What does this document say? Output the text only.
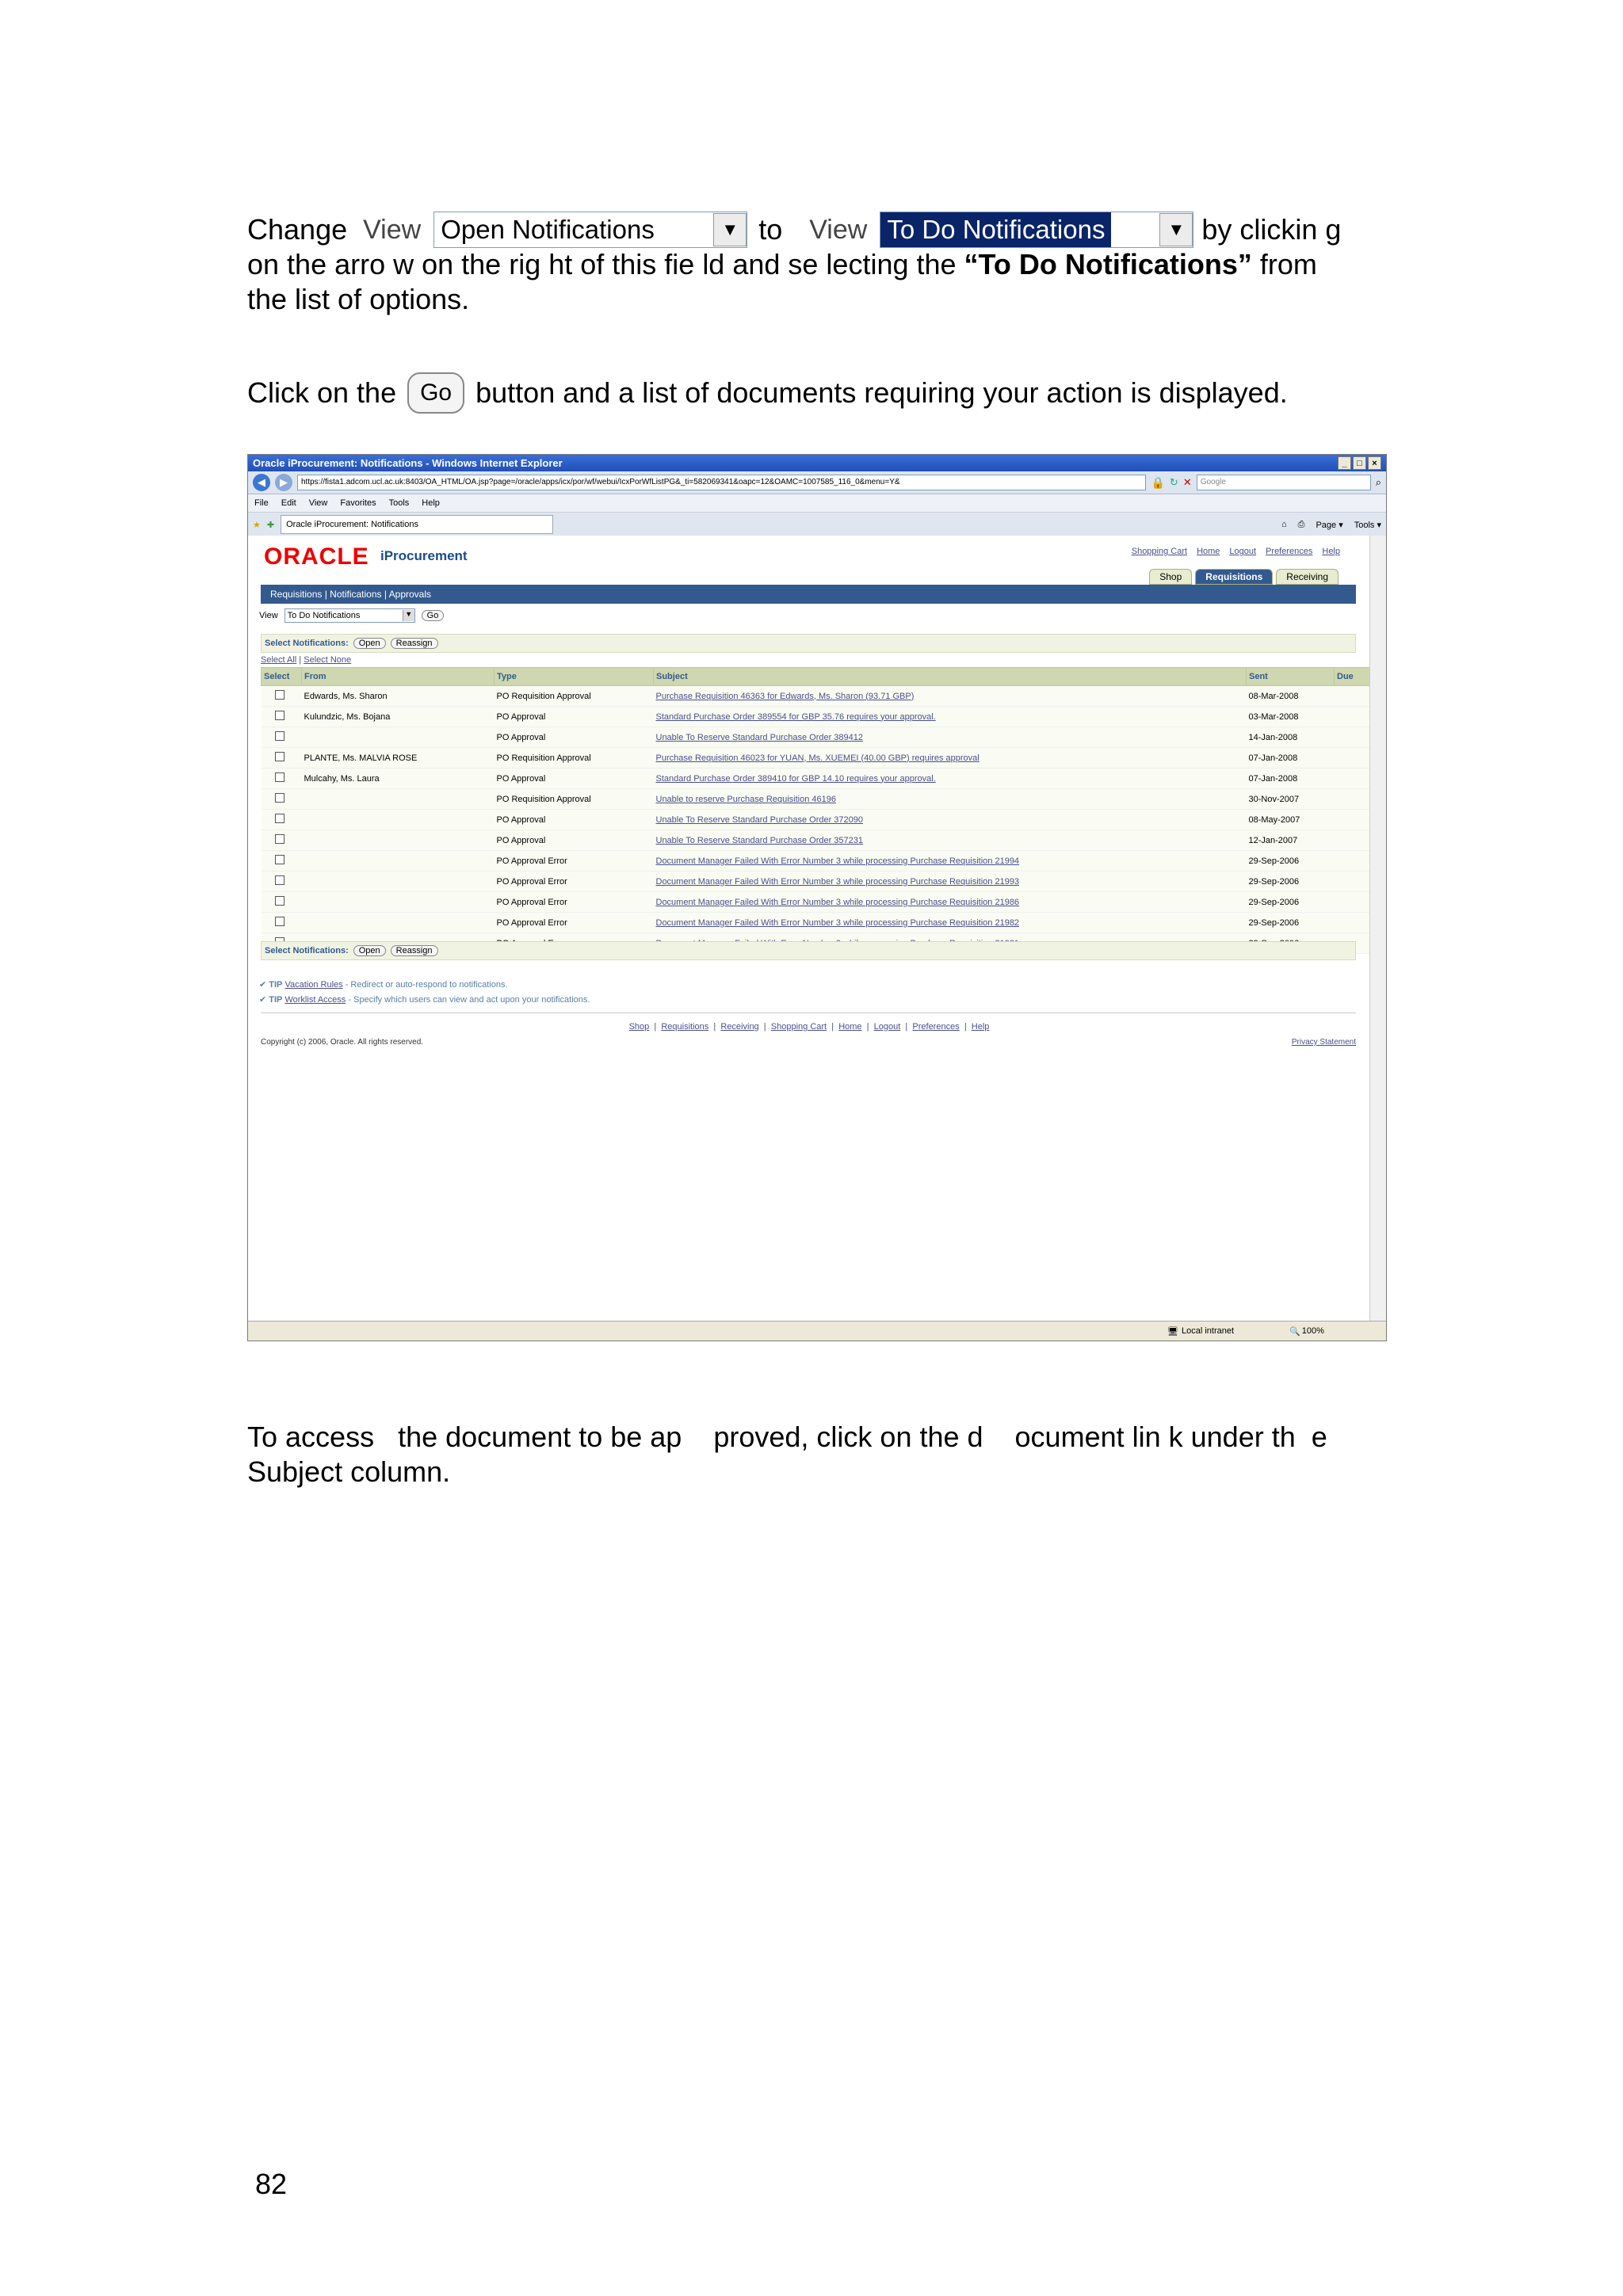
Change View Open Notifications	▼ to View To Do Notifications	▼ by clickin g
on the arro w on the rig ht of this fie ld and se lecting the “To Do Notifications” from
the list of options.
Click on the	Go button and a list of documents requiring your action is displayed.
Oracle iProcurement: Notifications - Windows Internet Explorer	_	□	×
◀	▶	https://fista1.adcom.ucl.ac.uk:8403/OA_HTML/OA.jsp?page=/oracle/apps/icx/por/wf/webui/IcxPorWfListPG&_ti=582069341&oapc=12&OAMC=1007585_116_0&menu=Y&	🔒 ↻ ✕	Google	⌕
File Edit View Favorites Tools Help
★ ✚ Oracle iProcurement: Notifications	⌂ ⎙ Page ▾ Tools ▾
ORACLE iProcurement	Shopping Cart Home Logout Preferences Help
Shop	Requisitions	Receiving
Requisitions | Notifications | Approvals
View To Do Notifications	▼	Go
Select Notifications:	Open	Reassign
Select All | Select None
Select	From	Type	Subject	Sent	Due
	Edwards, Ms. Sharon	PO Requisition Approval	Purchase Requisition 46363 for Edwards, Ms. Sharon (93.71 GBP)	08-Mar-2008	
	Kulundzic, Ms. Bojana	PO Approval	Standard Purchase Order 389554 for GBP 35.76 requires your approval.	03-Mar-2008	
		PO Approval	Unable To Reserve Standard Purchase Order 389412	14-Jan-2008	
	PLANTE, Ms. MALVIA ROSE	PO Requisition Approval	Purchase Requisition 46023 for YUAN, Ms. XUEMEI (40.00 GBP) requires approval	07-Jan-2008	
	Mulcahy, Ms. Laura	PO Approval	Standard Purchase Order 389410 for GBP 14.10 requires your approval.	07-Jan-2008	
		PO Requisition Approval	Unable to reserve Purchase Requisition 46196	30-Nov-2007	
		PO Approval	Unable To Reserve Standard Purchase Order 372090	08-May-2007	
		PO Approval	Unable To Reserve Standard Purchase Order 357231	12-Jan-2007	
		PO Approval Error	Document Manager Failed With Error Number 3 while processing Purchase Requisition 21994	29-Sep-2006	
		PO Approval Error	Document Manager Failed With Error Number 3 while processing Purchase Requisition 21993	29-Sep-2006	
		PO Approval Error	Document Manager Failed With Error Number 3 while processing Purchase Requisition 21986	29-Sep-2006	
		PO Approval Error	Document Manager Failed With Error Number 3 while processing Purchase Requisition 21982	29-Sep-2006	

Select Notifications:	Open	Reassign
✔ TIP Vacation Rules - Redirect or auto-respond to notifications.
✔ TIP Worklist Access - Specify which users can view and act upon your notifications.
Shop  |  Requisitions  |  Receiving  |  Shopping Cart  |  Home  |  Logout  |  Preferences  |  Help
Copyright (c) 2006, Oracle. All rights reserved.	Privacy Statement
🖥 Local intranet	🔍 100%
To access   the document to be ap    proved, click on the d    ocument lin k under th  e
Subject column.
82
